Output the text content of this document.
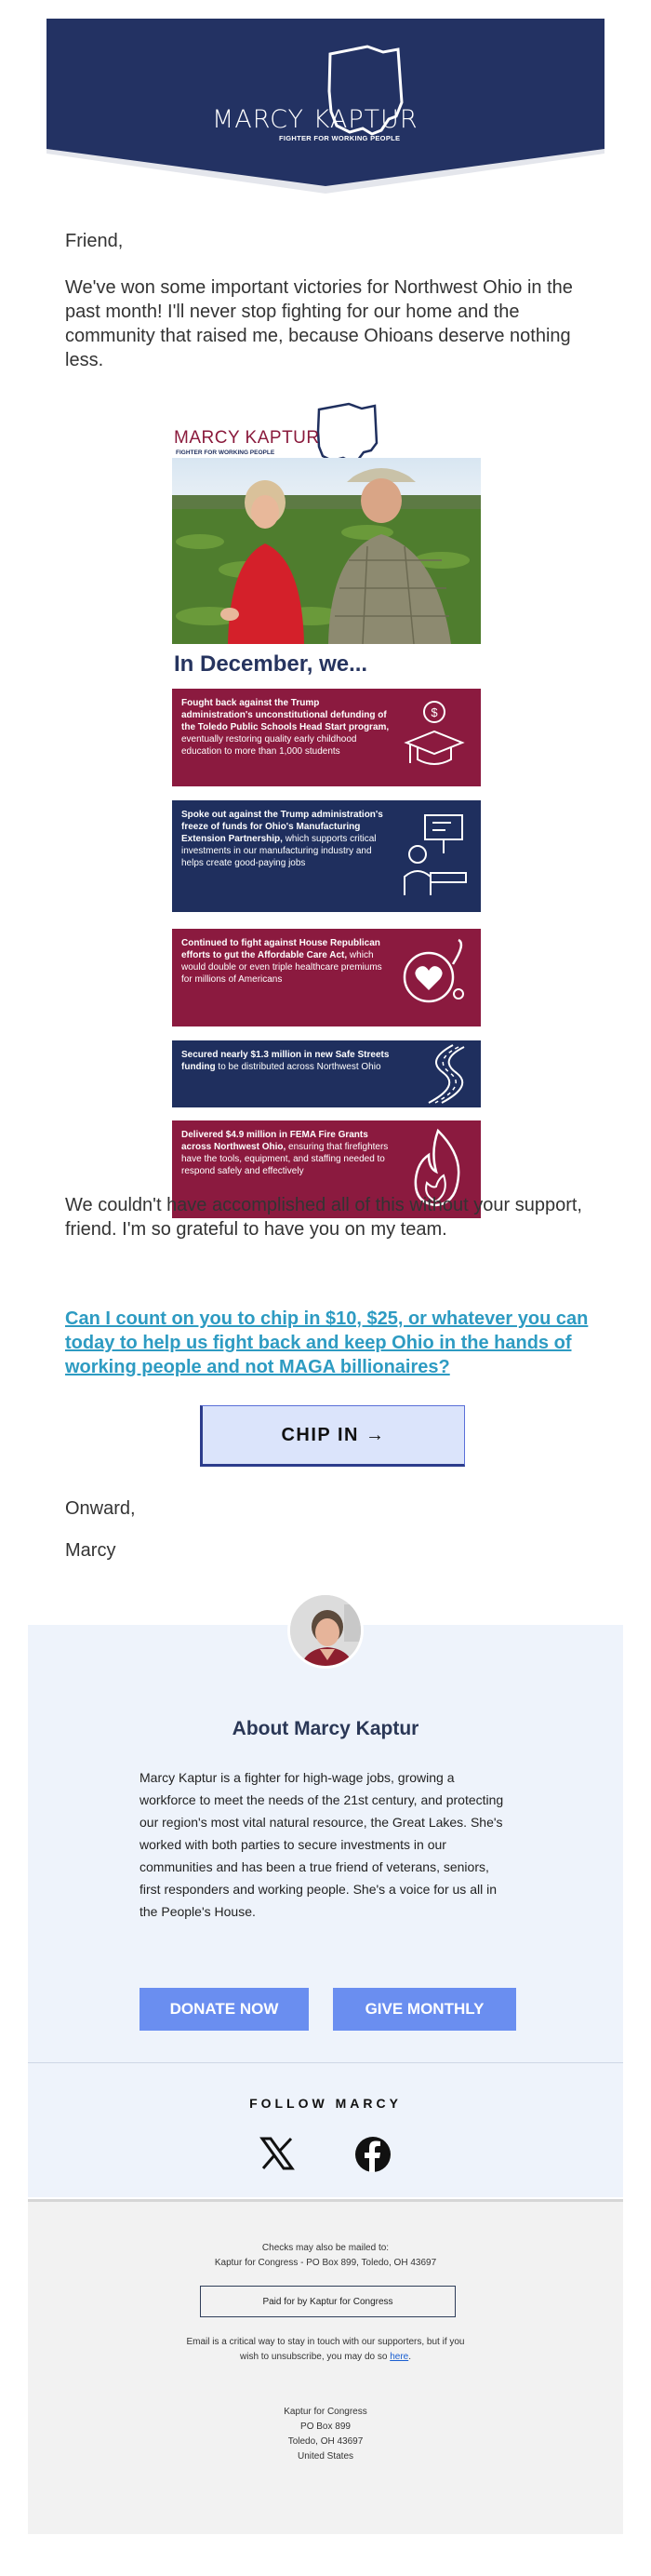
MARCY KAPTUR
FIGHTER FOR WORKING PEOPLE
Friend,
We've won some important victories for Northwest Ohio in the past month! I'll never stop fighting for our home and the community that raised me, because Ohioans deserve nothing less.
MARCY KAPTUR
FIGHTER FOR WORKING PEOPLE
In December, we...
Fought back against the Trump administration's unconstitutional defunding of the Toledo Public Schools Head Start program, eventually restoring quality early childhood education to more than 1,000 students
$
Spoke out against the Trump administration's freeze of funds for Ohio's Manufacturing Extension Partnership, which supports critical investments in our manufacturing industry and helps create good-paying jobs
Continued to fight against House Republican efforts to gut the Affordable Care Act, which would double or even triple healthcare premiums for millions of Americans
Secured nearly $1.3 million in new Safe Streets funding to be distributed across Northwest Ohio
Delivered $4.9 million in FEMA Fire Grants across Northwest Ohio, ensuring that firefighters have the tools, equipment, and staffing needed to respond safely and effectively
We couldn't have accomplished all of this without your support, friend. I'm so grateful to have you on my team.
Can I count on you to chip in $10, $25, or whatever you can today to help us fight back and keep Ohio in the hands of working people and not MAGA billionaires?
CHIP IN →
Onward,
Marcy
About Marcy Kaptur
Marcy Kaptur is a fighter for high-wage jobs, growing a workforce to meet the needs of the 21st century, and protecting our region's most vital natural resource, the Great Lakes. She's worked with both parties to secure investments in our communities and has been a true friend of veterans, seniors, first responders and working people. She's a voice for us all in the People's House.
DONATE NOW	GIVE MONTHLY
FOLLOW MARCY
Checks may also be mailed to:
Kaptur for Congress - PO Box 899, Toledo, OH 43697
Paid for by Kaptur for Congress
Email is a critical way to stay in touch with our supporters, but if you wish to unsubscribe, you may do so here.
Kaptur for Congress
PO Box 899
Toledo, OH 43697
United States
